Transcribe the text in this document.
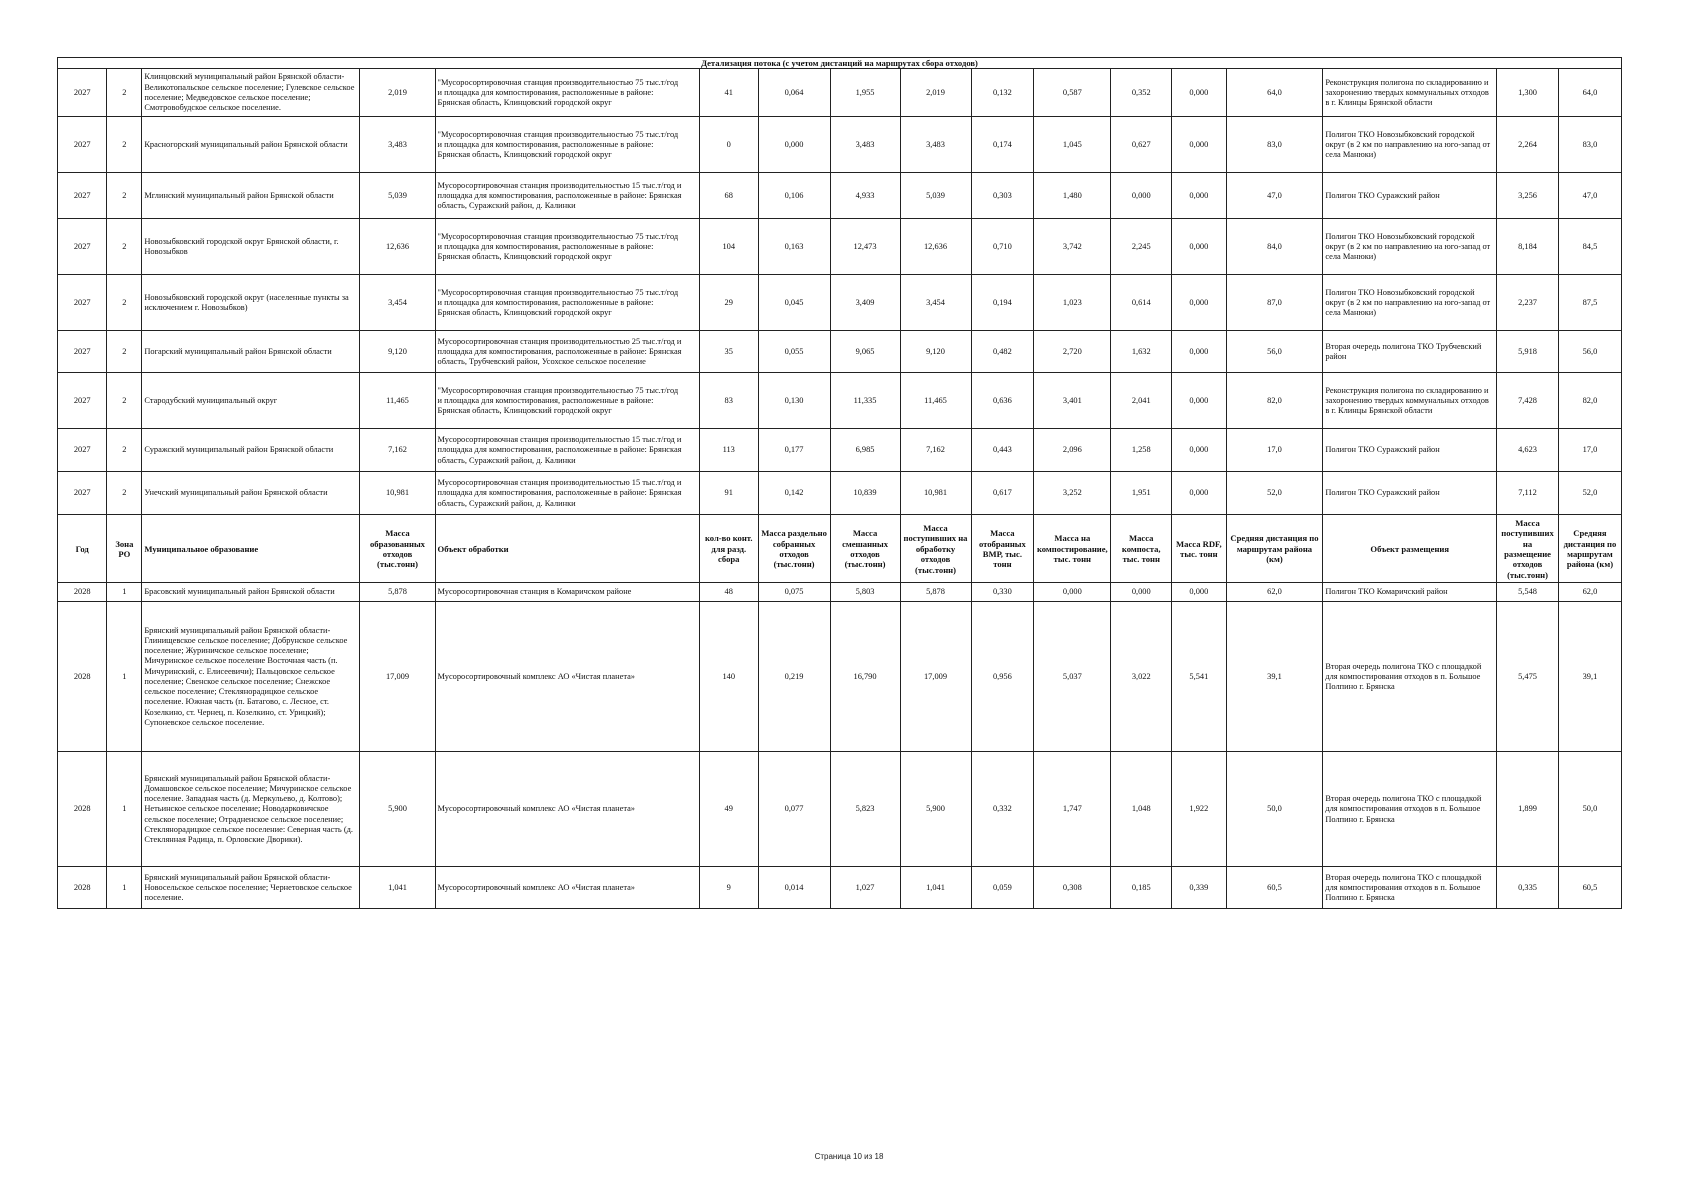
Детализация потока (с учетом дистанций на маршрутах сбора отходов)																
2027	2	Клинцовский муниципальный район Брянской области- Великотопальское сельское поселение; Гулевское сельское поселение; Медведовское сельское поселение; Смотровобудское сельское поселение.	2,019	"Мусоросортировочная станция производительностью 75 тыс.т/год
и площадка для компостирования, расположенные в районе:
Брянская область, Клинцовский городской округ	41	0,064	1,955	2,019	0,132	0,587	0,352	0,000	64,0	Реконструкция полигона по складированию и захоронению твердых коммунальных отходов в г. Клинцы Брянской области	1,300	64,0
2027	2	Красногорский муниципальный район Брянской области	3,483	"Мусоросортировочная станция производительностью 75 тыс.т/год
и площадка для компостирования, расположенные в районе:
Брянская область, Клинцовский городской округ	0	0,000	3,483	3,483	0,174	1,045	0,627	0,000	83,0	Полигон ТКО Новозыбковский городской округ (в 2 км по направлению на юго-запад от села Манюки)	2,264	83,0
2027	2	Мглинский муниципальный район Брянской области	5,039	Мусоросортировочная станция производительностью 15 тыс.т/год и площадка для компостирования, расположенные в районе: Брянская область, Суражский район, д. Калинки	68	0,106	4,933	5,039	0,303	1,480	0,000	0,000	47,0	Полигон ТКО Суражский район	3,256	47,0
2027	2	Новозыбковский городской округ Брянской области, г. Новозыбков	12,636	"Мусоросортировочная станция производительностью 75 тыс.т/год
и площадка для компостирования, расположенные в районе:
Брянская область, Клинцовский городской округ	104	0,163	12,473	12,636	0,710	3,742	2,245	0,000	84,0	Полигон ТКО Новозыбковский городской округ (в 2 км по направлению на юго-запад от села Манюки)	8,184	84,5
2027	2	Новозыбковский городской округ (населенные пункты за исключением г. Новозыбков)	3,454	"Мусоросортировочная станция производительностью 75 тыс.т/год
и площадка для компостирования, расположенные в районе:
Брянская область, Клинцовский городской округ	29	0,045	3,409	3,454	0,194	1,023	0,614	0,000	87,0	Полигон ТКО Новозыбковский городской округ (в 2 км по направлению на юго-запад от села Манюки)	2,237	87,5
2027	2	Погарский муниципальный район Брянской области	9,120	Мусоросортировочная станция производительностью 25 тыс.т/год и площадка для компостирования, расположенные в районе: Брянская область, Трубчевский район, Усохское сельское поселение	35	0,055	9,065	9,120	0,482	2,720	1,632	0,000	56,0	Вторая очередь полигона ТКО Трубчевский район	5,918	56,0
2027	2	Стародубский муниципальный округ	11,465	"Мусоросортировочная станция производительностью 75 тыс.т/год
и площадка для компостирования, расположенные в районе:
Брянская область, Клинцовский городской округ	83	0,130	11,335	11,465	0,636	3,401	2,041	0,000	82,0	Реконструкция полигона по складированию и захоронению твердых коммунальных отходов в г. Клинцы Брянской области	7,428	82,0
2027	2	Суражский муниципальный район Брянской области	7,162	Мусоросортировочная станция производительностью 15 тыс.т/год и площадка для компостирования, расположенные в районе: Брянская область, Суражский район, д. Калинки	113	0,177	6,985	7,162	0,443	2,096	1,258	0,000	17,0	Полигон ТКО Суражский район	4,623	17,0
2027	2	Унечский муниципальный район Брянской области	10,981	Мусоросортировочная станция производительностью 15 тыс.т/год и площадка для компостирования, расположенные в районе: Брянская область, Суражский район, д. Калинки	91	0,142	10,839	10,981	0,617	3,252	1,951	0,000	52,0	Полигон ТКО Суражский район	7,112	52,0
Год	Зона РО	Муниципальное образование	Масса образованных отходов (тыс.тонн)	Объект обработки	кол-во конт. для разд. сбора	Масса раздельно собранных отходов (тыс.тонн)	Масса смешанных отходов (тыс.тонн)	Масса поступивших на обработку отходов (тыс.тонн)	Масса отобранных ВМР, тыс. тонн	Масса на компостирование, тыс. тонн	Масса компоста, тыс. тонн	Масса RDF, тыс. тонн	Средняя дистанция по маршрутам района (км)	Объект размещения	Масса поступивших на размещение отходов (тыс.тонн)	Средняя дистанция по маршрутам района (км)
2028	1	Брасовский муниципальный район Брянской области	5,878	Мусоросортировочная станция в Комаричском районе	48	0,075	5,803	5,878	0,330	0,000	0,000	0,000	62,0	Полигон ТКО Комаричский район	5,548	62,0
2028	1	Брянский муниципальный район Брянской области- Глинищевское сельское поселение; Добрунское сельское поселение; Журиничское сельское поселение; Мичуринское сельское поселение Восточная часть (п. Мичуринский, с. Елисеевичи); Пальцовское сельское поселение; Свенское сельское поселение; Снежское сельское поселение; Стеклянорадицкое сельское поселение. Южная часть (п. Батагово, с. Лесное, ст. Козелкино, ст. Чернец, п. Козелкино, ст. Урицкий); Супоневское сельское поселение.	17,009	Мусоросортировочный комплекс АО «Чистая планета»	140	0,219	16,790	17,009	0,956	5,037	3,022	5,541	39,1	Вторая очередь полигона ТКО с площадкой для компостирования отходов в п. Большое Полпино г. Брянска	5,475	39,1
2028	1	Брянский муниципальный район Брянской области- Домашовское сельское поселение; Мичуринское сельское поселение. Западная часть (д. Меркульево, д. Колтово); Нетьинское сельское поселение; Новодарковичское сельское поселение; Отрадненское сельское поселение; Стеклянорадицкое сельское поселение: Северная часть (д. Стеклянная Радица, п. Орловские Дворики).	5,900	Мусоросортировочный комплекс АО «Чистая планета»	49	0,077	5,823	5,900	0,332	1,747	1,048	1,922	50,0	Вторая очередь полигона ТКО с площадкой для компостирования отходов в п. Большое Полпино г. Брянска	1,899	50,0
2028	1	Брянский муниципальный район Брянской области- Новосельское сельское поселение; Чернетовское сельское поселение.	1,041	Мусоросортировочный комплекс АО «Чистая планета»	9	0,014	1,027	1,041	0,059	0,308	0,185	0,339	60,5	Вторая очередь полигона ТКО с площадкой для компостирования отходов в п. Большое Полпино г. Брянска	0,335	60,5
Страница 10 из 18
